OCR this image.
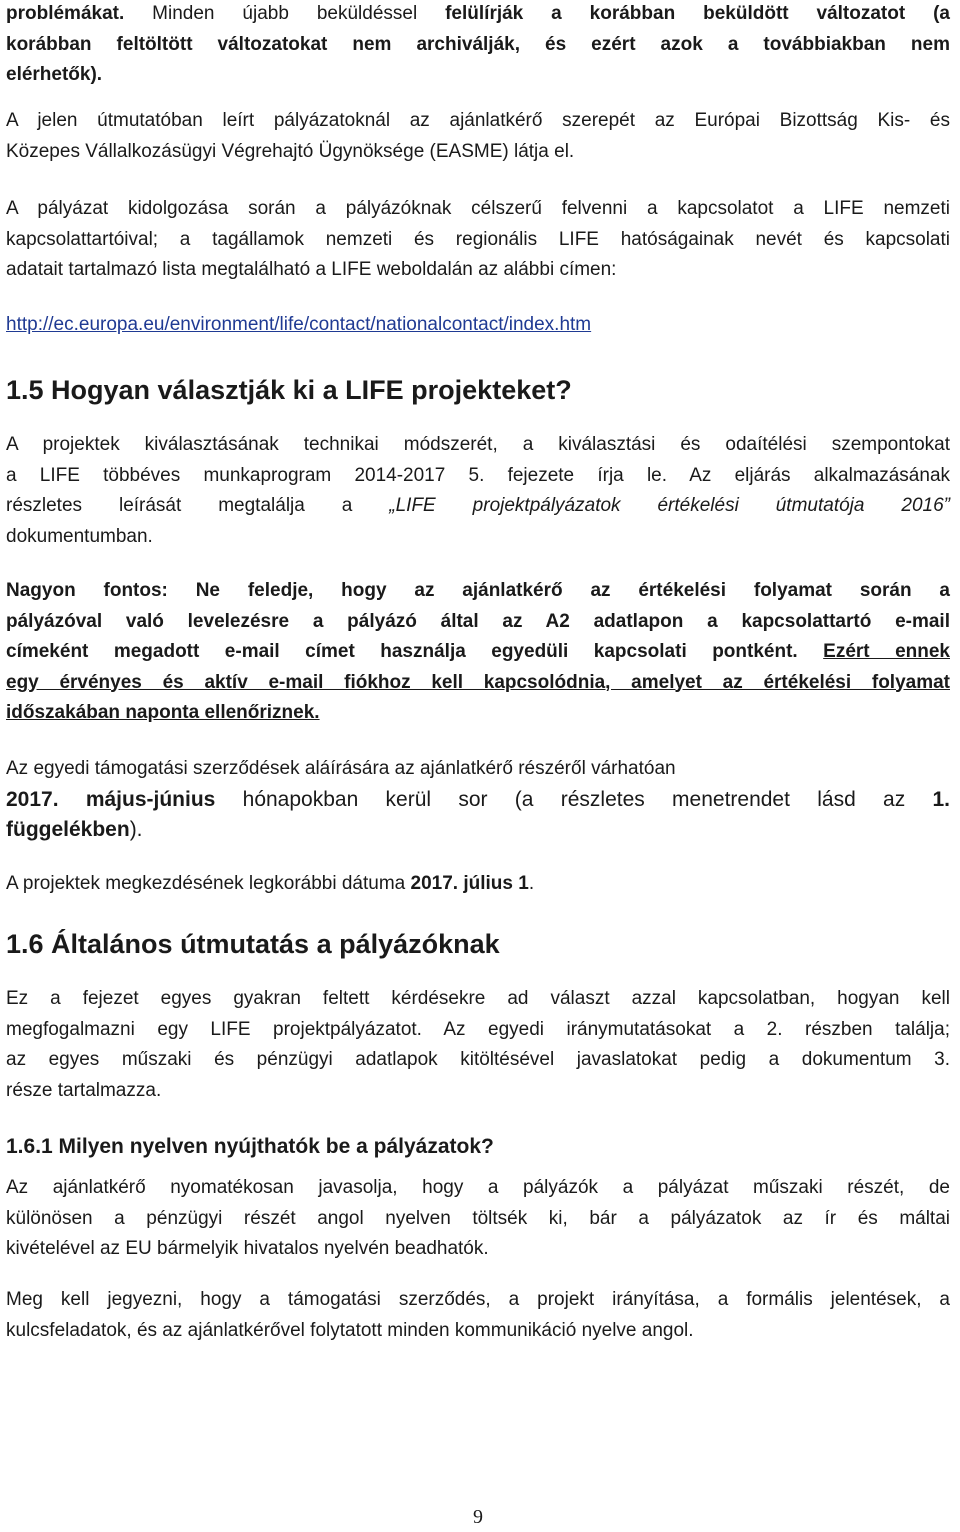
problémákat. Minden újabb beküldéssel felülírják a korábban beküldött változatot (a
korábban feltöltött változatokat nem archiválják, és ezért azok a továbbiakban nem
elérhetők).
A jelen útmutatóban leírt pályázatoknál az ajánlatkérő szerepét az Európai Bizottság Kis- és
Közepes Vállalkozásügyi Végrehajtó Ügynöksége (EASME) látja el.
A pályázat kidolgozása során a pályázóknak célszerű felvenni a kapcsolatot a LIFE nemzeti
kapcsolattartóival; a tagállamok nemzeti és regionális LIFE hatóságainak nevét és kapcsolati
adatait tartalmazó lista megtalálható a LIFE weboldalán az alábbi címen:
http://ec.europa.eu/environment/life/contact/nationalcontact/index.htm
1.5 Hogyan választják ki a LIFE projekteket?
A projektek kiválasztásának technikai módszerét, a kiválasztási és odaítélési szempontokat
a LIFE többéves munkaprogram 2014-2017 5. fejezete írja le. Az eljárás alkalmazásának
részletes leírását megtalálja a „LIFE projektpályázatok értékelési útmutatója 2016”
dokumentumban.
Nagyon fontos: Ne feledje, hogy az ajánlatkérő az értékelési folyamat során a
pályázóval való levelezésre a pályázó által az A2 adatlapon a kapcsolattartó e-mail
címeként megadott e-mail címet használja egyedüli kapcsolati pontként. Ezért ennek
egy érvényes és aktív e-mail fiókhoz kell kapcsolódnia, amelyet az értékelési folyamat
időszakában naponta ellenőriznek.
Az egyedi támogatási szerződések aláírására az ajánlatkérő részéről várhatóan
2017. május-június hónapokban kerül sor (a részletes menetrendet lásd az 1.
függelékben).
A projektek megkezdésének legkorábbi dátuma 2017. július 1.
1.6 Általános útmutatás a pályázóknak
Ez a fejezet egyes gyakran feltett kérdésekre ad választ azzal kapcsolatban, hogyan kell
megfogalmazni egy LIFE projektpályázatot. Az egyedi iránymutatásokat a 2. részben találja;
az egyes műszaki és pénzügyi adatlapok kitöltésével javaslatokat pedig a dokumentum 3.
része tartalmazza.
1.6.1 Milyen nyelven nyújthatók be a pályázatok?
Az ajánlatkérő nyomatékosan javasolja, hogy a pályázók a pályázat műszaki részét, de
különösen a pénzügyi részét angol nyelven töltsék ki, bár a pályázatok az ír és máltai
kivételével az EU bármelyik hivatalos nyelvén beadhatók.
Meg kell jegyezni, hogy a támogatási szerződés, a projekt irányítása, a formális jelentések, a
kulcsfeladatok, és az ajánlatkérővel folytatott minden kommunikáció nyelve angol.
9
